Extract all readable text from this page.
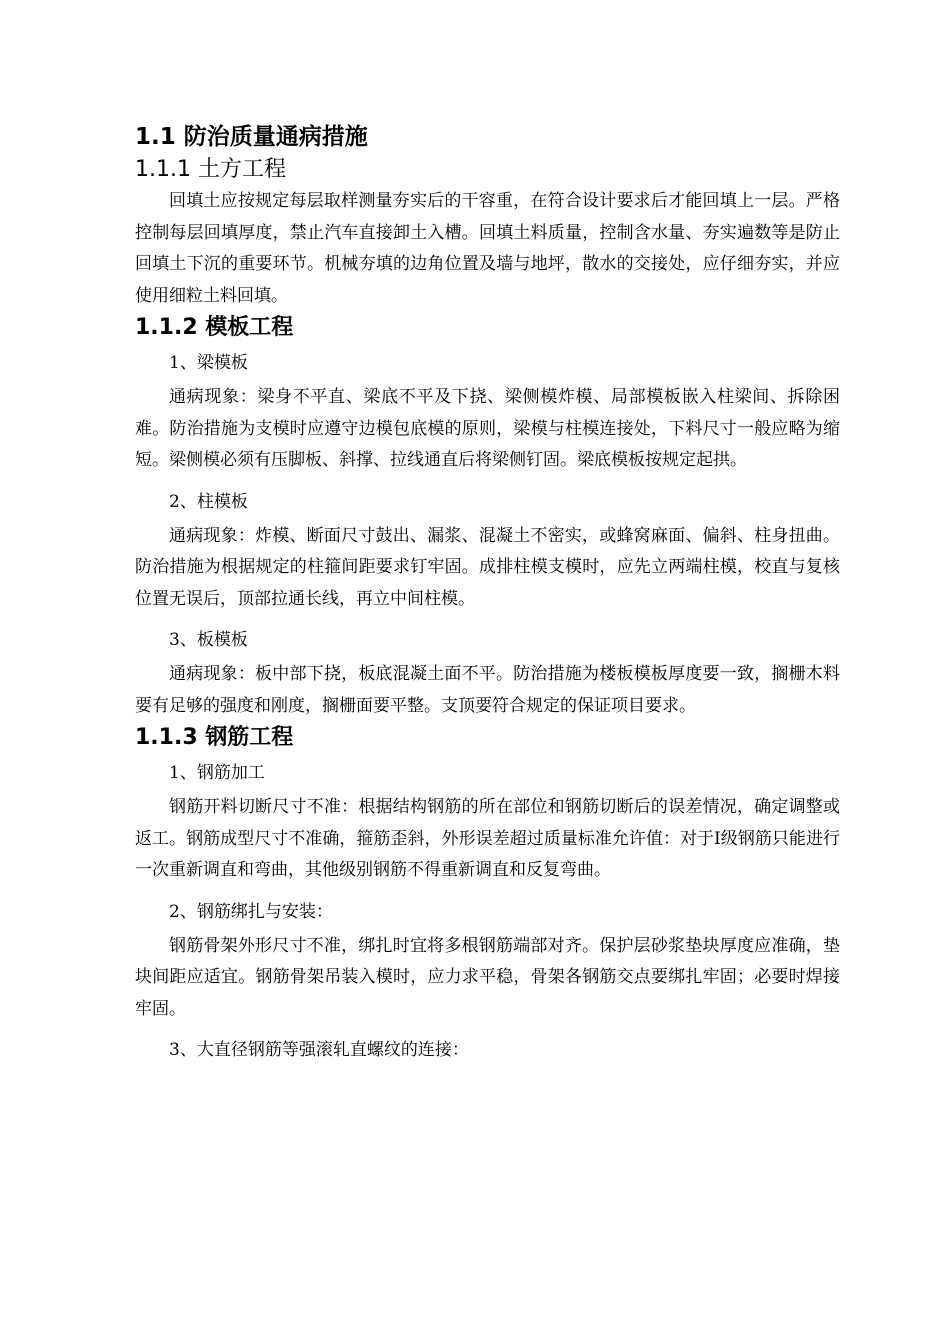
1.1 防治质量通病措施
1.1.1 土方工程

回填土应按规定每层取样测量夯实后的干容重，在符合设计要求后才能回填上一层。严格控制每层回填厚度，禁止汽车直接卸土入槽。回填土料质量，控制含水量、夯实遍数等是防止回填土下沉的重要环节。机械夯填的边角位置及墙与地坪，散水的交接处，应仔细夯实，并应使用细粒土料回填。

1.1.2 模板工程

1、梁模板

通病现象：梁身不平直、梁底不平及下挠、梁侧模炸模、局部模板嵌入柱梁间、拆除困难。防治措施为支模时应遵守边模包底模的原则，梁模与柱模连接处，下料尺寸一般应略为缩短。梁侧模必须有压脚板、斜撑、拉线通直后将梁侧钉固。梁底模板按规定起拱。

2、柱模板

通病现象：炸模、断面尺寸鼓出、漏浆、混凝土不密实，或蜂窝麻面、偏斜、柱身扭曲。防治措施为根据规定的柱箍间距要求钉牢固。成排柱模支模时，应先立两端柱模，校直与复核位置无误后，顶部拉通长线，再立中间柱模。

3、板模板

通病现象：板中部下挠，板底混凝土面不平。防治措施为楼板模板厚度要一致，搁栅木料要有足够的强度和刚度，搁栅面要平整。支顶要符合规定的保证项目要求。

1.1.3 钢筋工程

1、钢筋加工

钢筋开料切断尺寸不准：根据结构钢筋的所在部位和钢筋切断后的误差情况，确定调整或返工。钢筋成型尺寸不准确，箍筋歪斜，外形误差超过质量标准允许值：对于Ⅰ级钢筋只能进行一次重新调直和弯曲，其他级别钢筋不得重新调直和反复弯曲。

2、钢筋绑扎与安装：

钢筋骨架外形尺寸不准，绑扎时宜将多根钢筋端部对齐。保护层砂浆垫块厚度应准确，垫块间距应适宜。钢筋骨架吊装入模时，应力求平稳，骨架各钢筋交点要绑扎牢固；必要时焊接牢固。

3、大直径钢筋等强滚轧直螺纹的连接：
